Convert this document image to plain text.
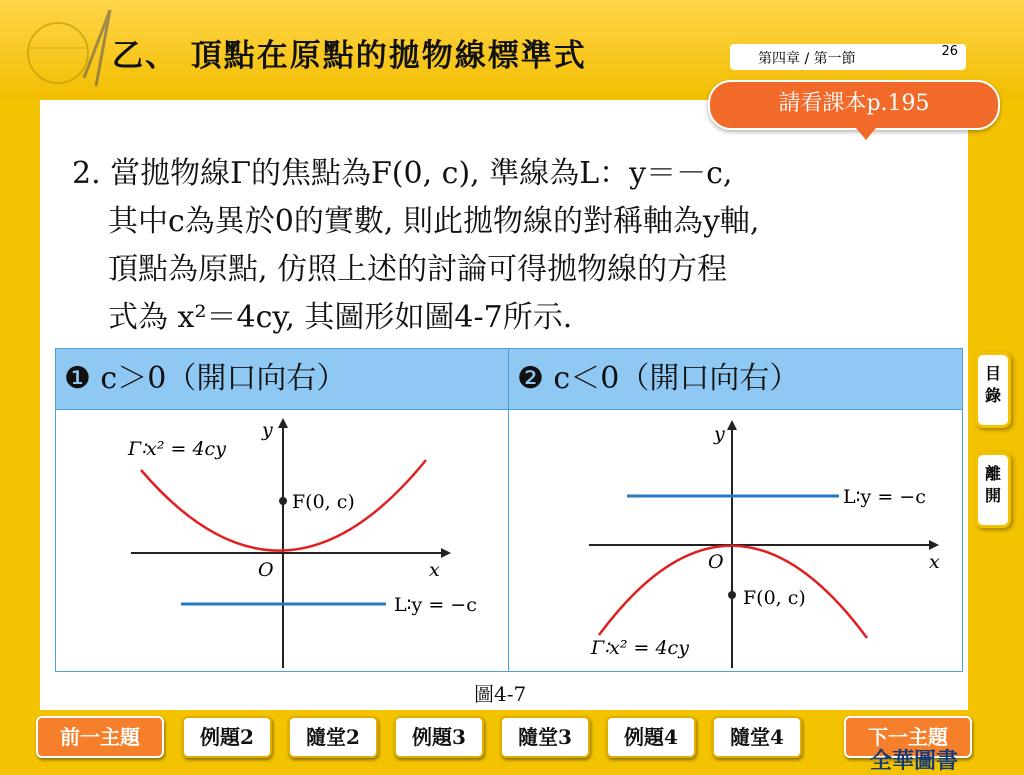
乙、 頂點在原點的拋物線標準式	第四章 / 第一節	26
請看課本p.195
2. 當拋物線Γ的焦點為F(0, c), 準線為L：y＝－c,
其中c為異於0的實數, 則此拋物線的對稱軸為y軸,
頂點為原點, 仿照上述的討論可得拋物線的方程
式為 x²＝4cy, 其圖形如圖4-7所示.
❶ c＞0（開口向右）	❷ c＜0（開口向右）
Γ∶x² = 4cy
F(0, c)
L∶y = −c
x
y
O
Γ∶x² = 4cy
F(0, c)
L∶y = −c
x
y
O
圖4-7
目
錄
離
開
前一主題	例題2	隨堂2	例題3	隨堂3	例題4	隨堂4	下一主題
全華圖書
